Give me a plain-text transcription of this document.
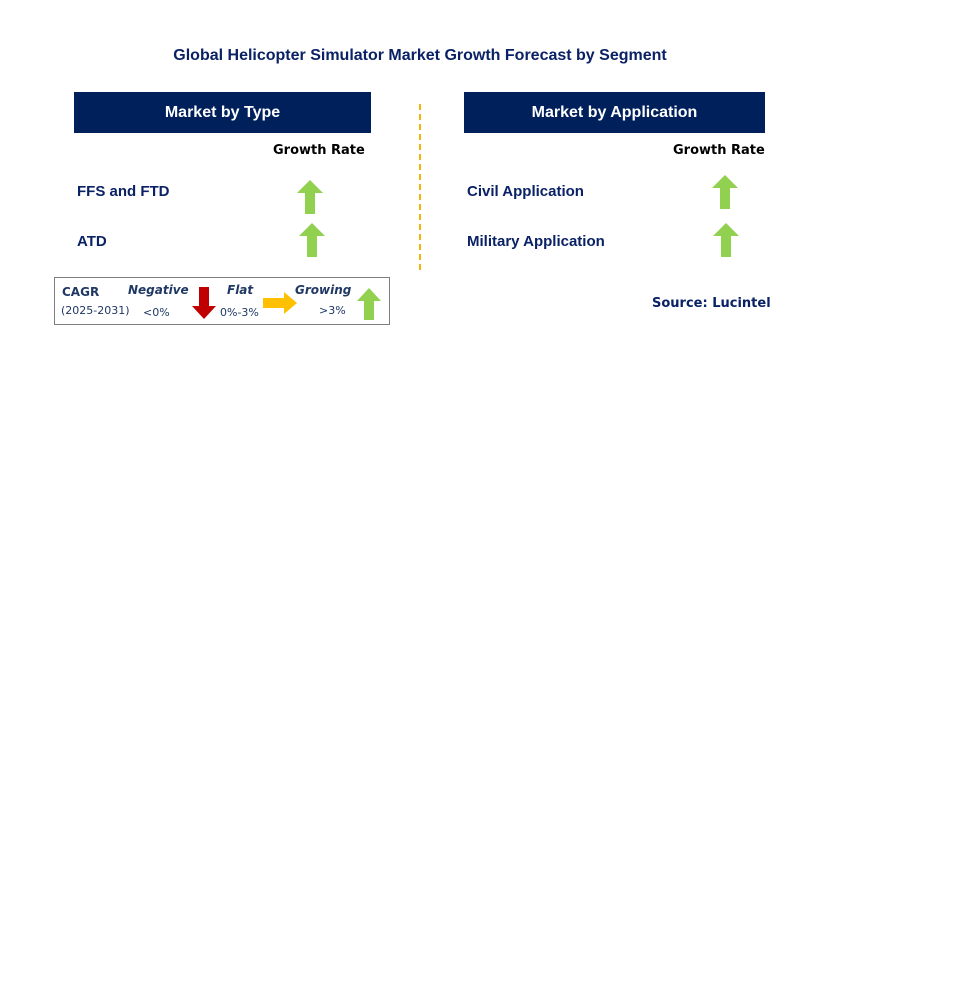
Global Helicopter Simulator Market Growth Forecast by Segment
Market by Type
Growth Rate
FFS and FTD
ATD
Market by Application
Growth Rate
Civil Application
Military Application
CAGR
(2025-2031)
Negative
<0%
Flat
0%-3%
Growing
>3%	Source: Lucintel
